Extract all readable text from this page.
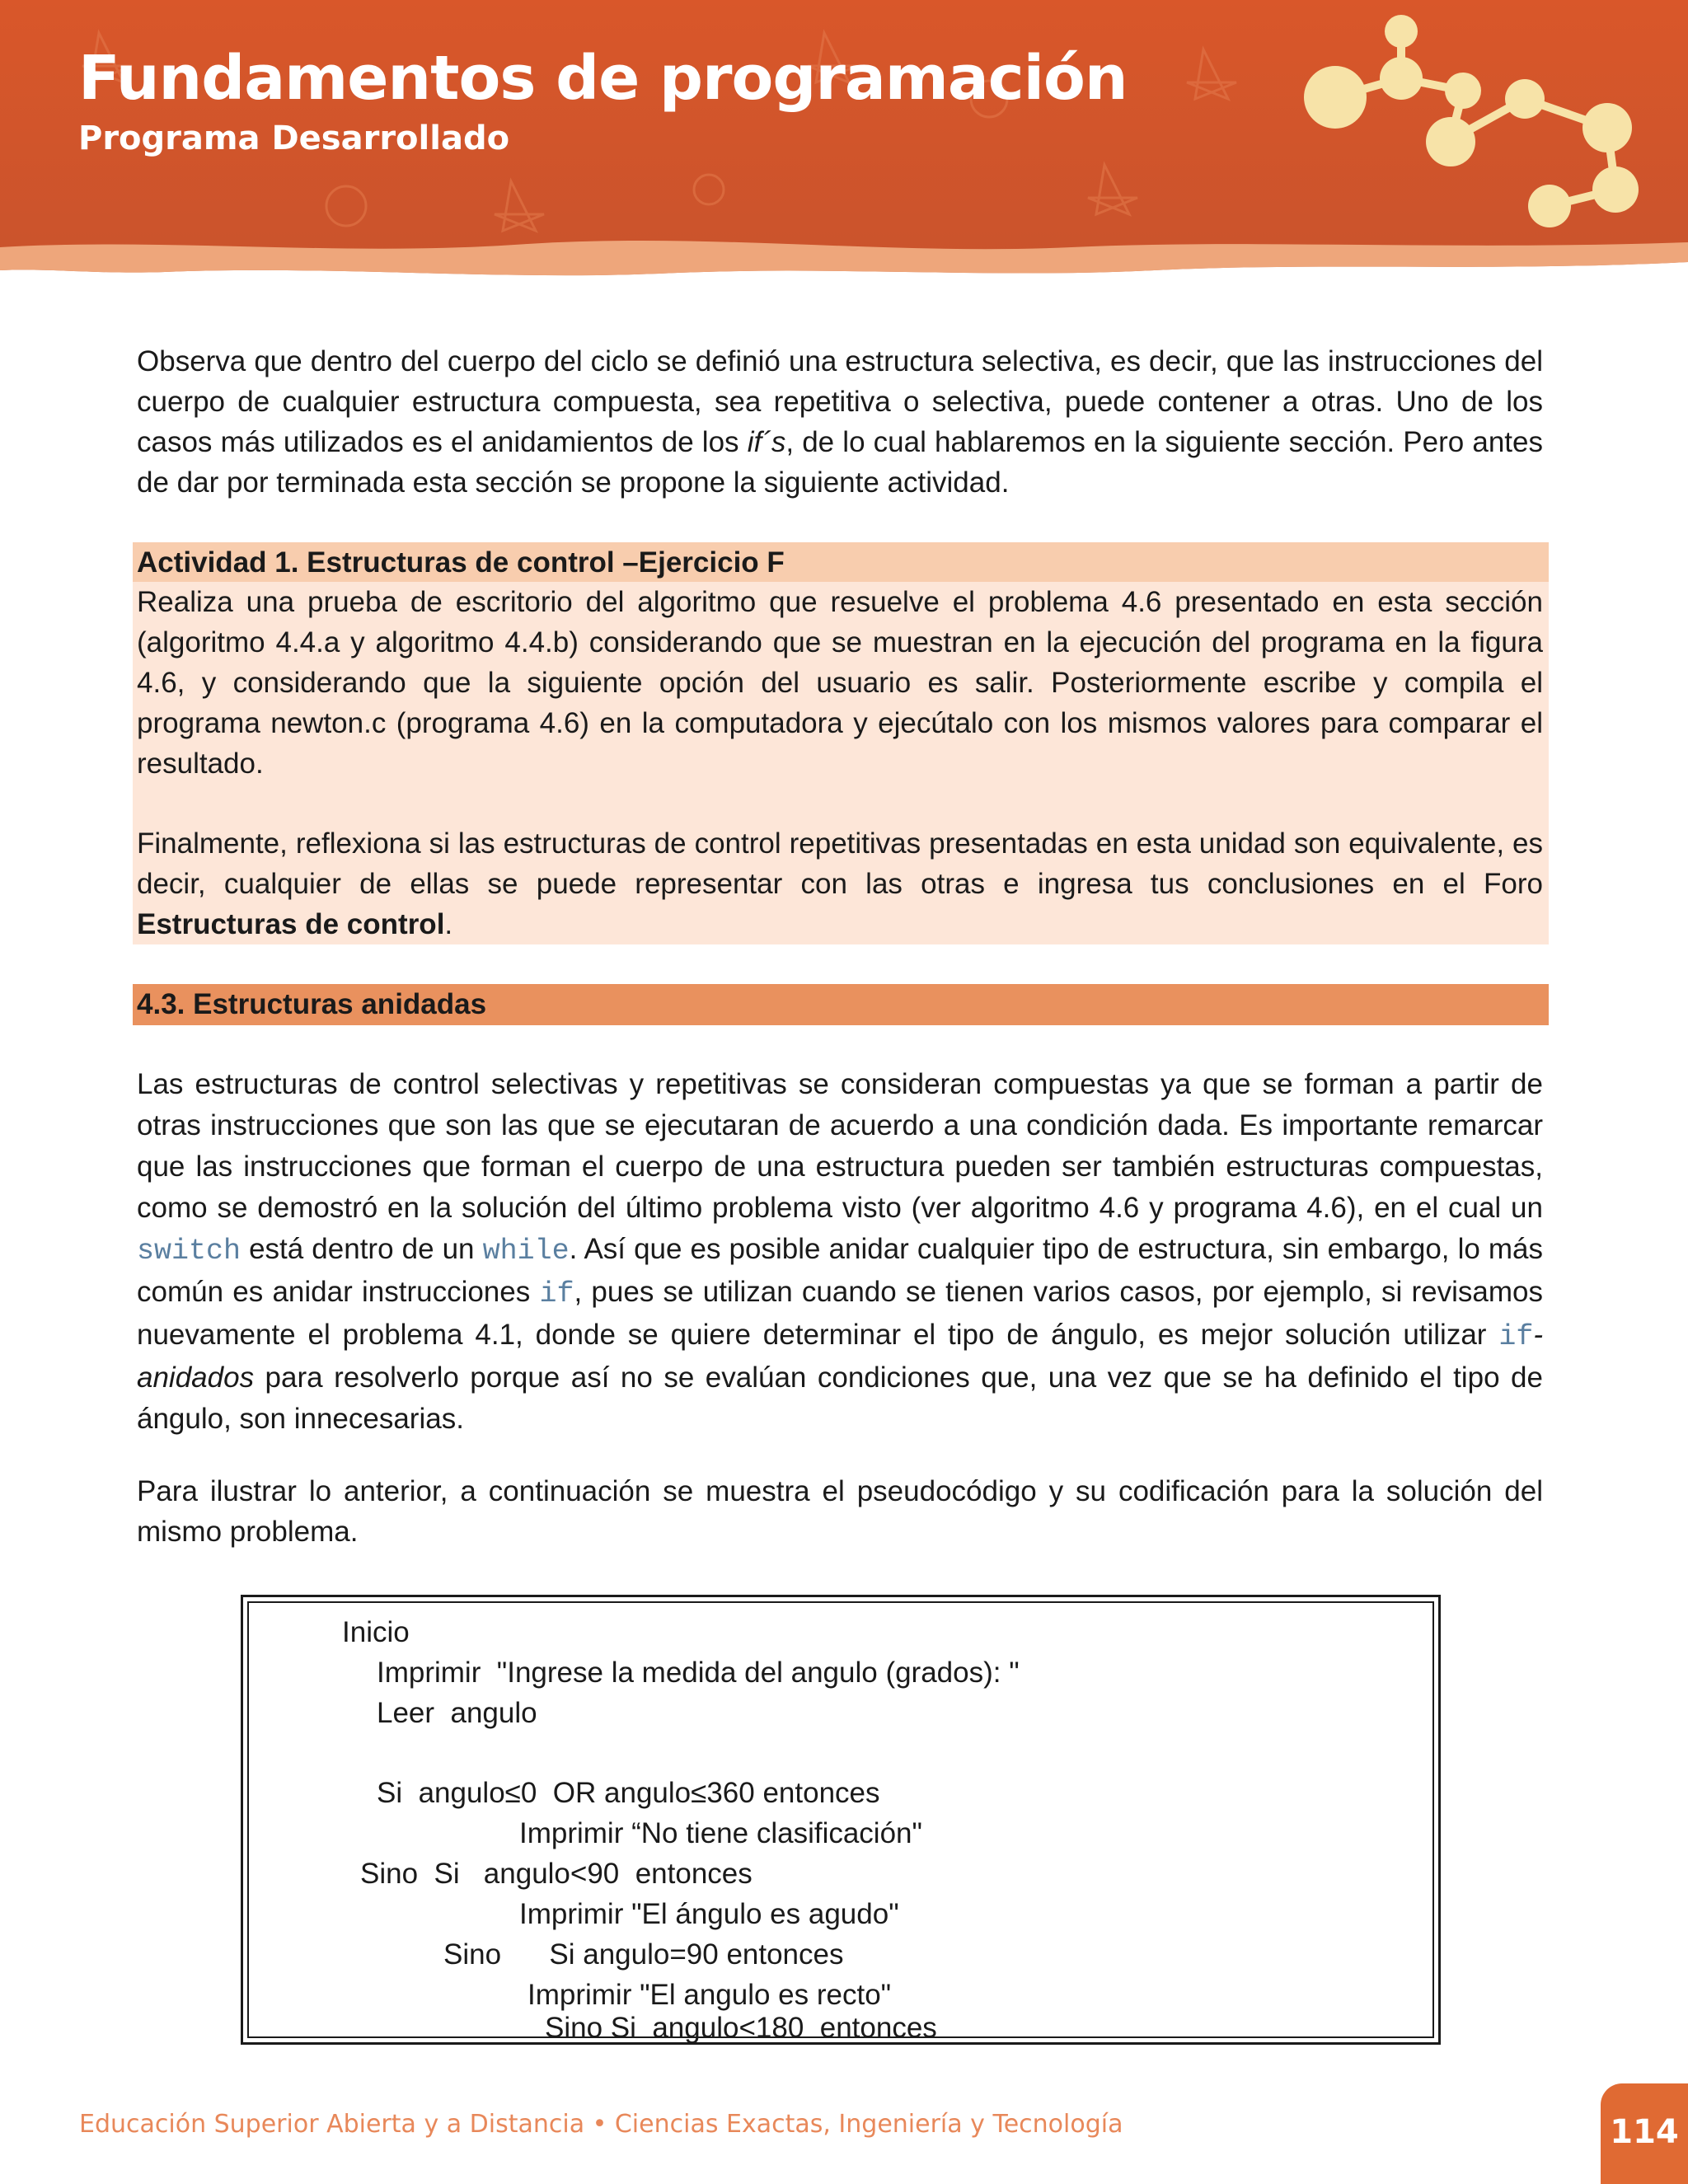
Fundamentos de programación
Programa Desarrollado

Observa que dentro del cuerpo del ciclo se definió una estructura selectiva, es decir, que las instrucciones del cuerpo de cualquier estructura compuesta, sea repetitiva o selectiva, puede contener a otras. Uno de los casos más utilizados es el anidamientos de los if´s, de lo cual hablaremos en la siguiente sección. Pero antes de dar por terminada esta sección se propone la siguiente actividad.

Actividad 1. Estructuras de control –Ejercicio F

Realiza una prueba de escritorio del algoritmo que resuelve el problema 4.6 presentado en esta sección (algoritmo 4.4.a y algoritmo 4.4.b) considerando que se muestran en la ejecución del programa en la figura 4.6, y considerando que la siguiente opción del usuario es salir. Posteriormente escribe y compila el programa newton.c (programa 4.6) en la computadora y ejecútalo con los mismos valores para comparar el resultado.

Finalmente, reflexiona si las estructuras de control repetitivas presentadas en esta unidad son equivalente, es decir, cualquier de ellas se puede representar con las otras e ingresa tus conclusiones en el Foro Estructuras de control.

4.3. Estructuras anidadas

Las estructuras de control selectivas y repetitivas se consideran compuestas ya que se forman a partir de otras instrucciones que son las que se ejecutaran de acuerdo a una condición dada. Es importante remarcar que las instrucciones que forman el cuerpo de una estructura pueden ser también estructuras compuestas, como se demostró en la solución del último problema visto (ver algoritmo 4.6 y programa 4.6), en el cual un switch está dentro de un while. Así que es posible anidar cualquier tipo de estructura, sin embargo, lo más común es anidar instrucciones if, pues se utilizan cuando se tienen varios casos, por ejemplo, si revisamos nuevamente el problema 4.1, donde se quiere determinar el tipo de ángulo, es mejor solución utilizar if-anidados para resolverlo porque así no se evalúan condiciones que, una vez que se ha definido el tipo de ángulo, son innecesarias.

Para ilustrar lo anterior, a continuación se muestra el pseudocódigo y su codificación para la solución del mismo problema.

Inicio

Imprimir  "Ingrese la medida del angulo (grados): "

Leer  angulo

Si  angulo≤0  OR angulo≤360 entonces

Imprimir “No tiene clasificación"

Sino  Si   angulo<90  entonces

Imprimir "El ángulo es agudo"

Sino      Si angulo=90 entonces

Imprimir "El angulo es recto"

Sino Si  angulo<180  entonces

Educación Superior Abierta y a Distancia • Ciencias Exactas, Ingeniería y Tecnología	114
